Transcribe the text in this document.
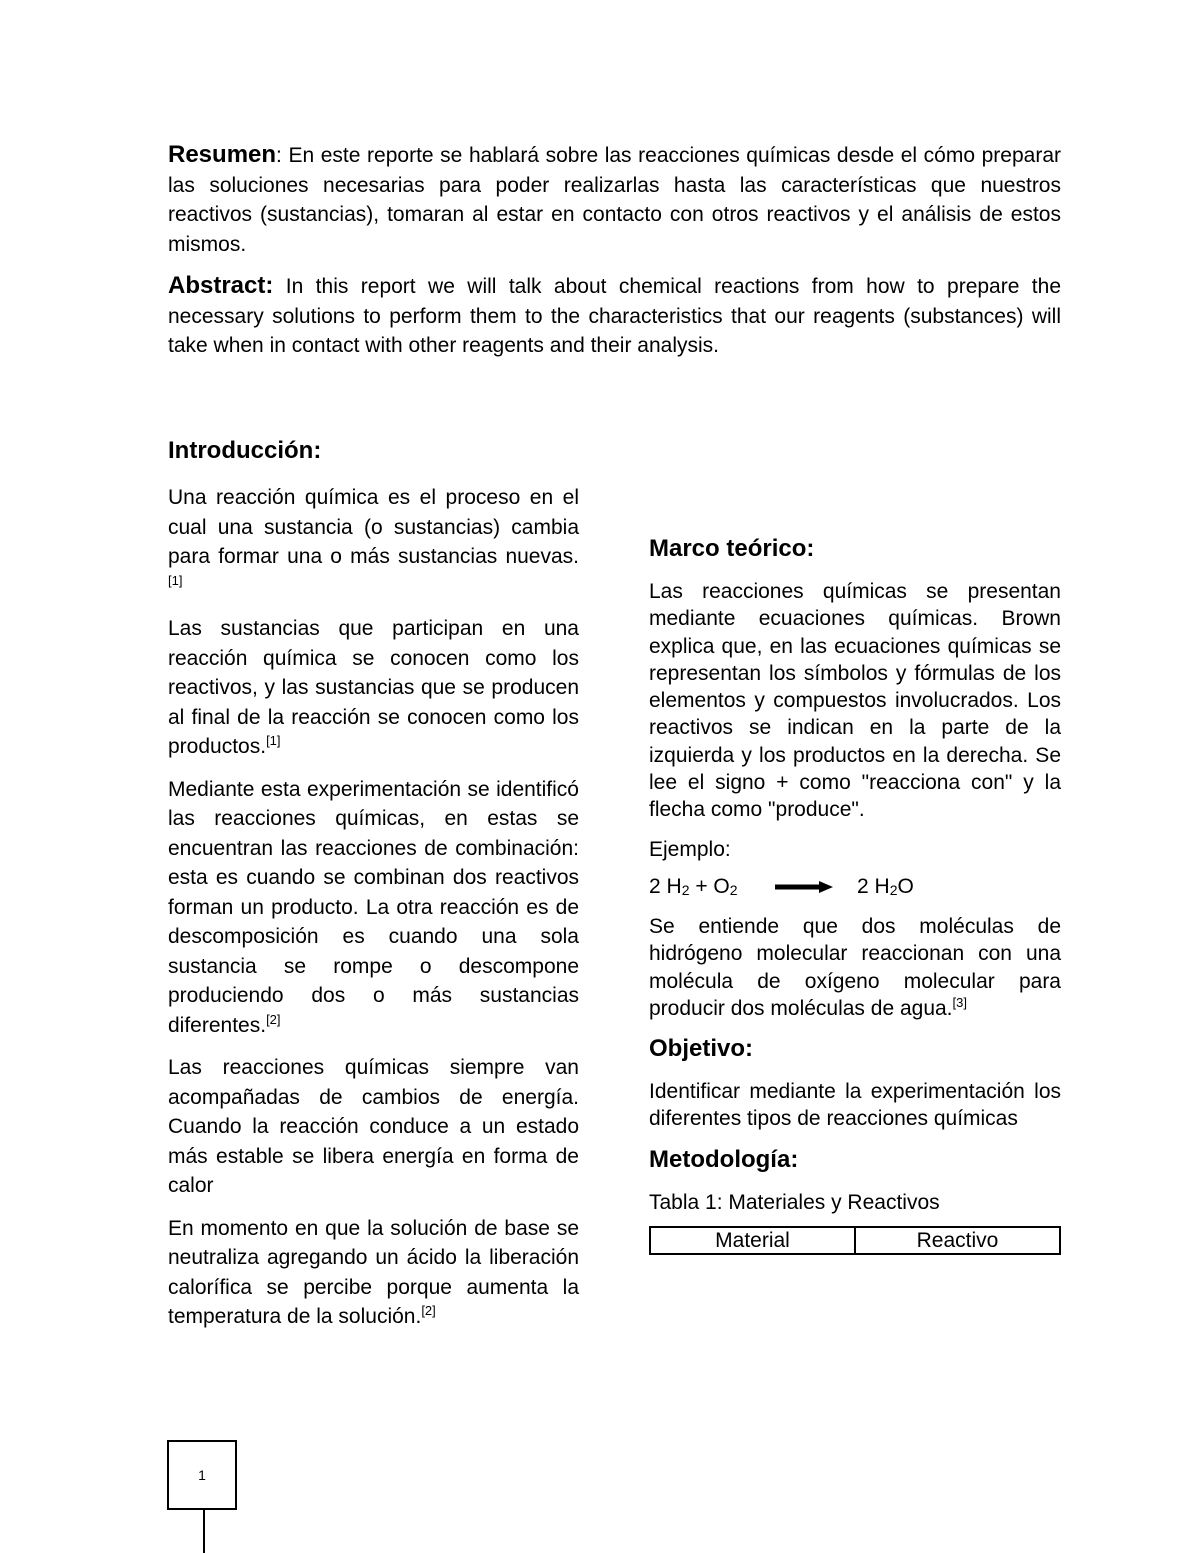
Resumen: En este reporte se hablará sobre las reacciones químicas desde el cómo preparar las soluciones necesarias para poder realizarlas hasta las características que nuestros reactivos (sustancias), tomaran al estar en contacto con otros reactivos y el análisis de estos mismos.

Abstract: In this report we will talk about chemical reactions from how to prepare the necessary solutions to perform them to the characteristics that our reagents (substances) will take when in contact with other reagents and their analysis.

Introducción:

Una reacción química es el proceso en el cual una sustancia (o sustancias) cambia para formar una o más sustancias nuevas.[1]

Las sustancias que participan en una reacción química se conocen como los reactivos, y las sustancias que se producen al final de la reacción se conocen como los productos.[1]

Mediante esta experimentación se identificó las reacciones químicas, en estas se encuentran las reacciones de combinación: esta es cuando se combinan dos reactivos forman un producto. La otra reacción es de descomposición es cuando una sola sustancia se rompe o descompone produciendo dos o más sustancias diferentes.[2]

Las reacciones químicas siempre van acompañadas de cambios de energía. Cuando la reacción conduce a un estado más estable se libera energía en forma de calor

En momento en que la solución de base se neutraliza agregando un ácido la liberación calorífica se percibe porque aumenta la temperatura de la solución.[2]

Marco teórico:

Las reacciones químicas se presentan mediante ecuaciones químicas. Brown explica que, en las ecuaciones químicas se representan los símbolos y fórmulas de los elementos y compuestos involucrados. Los reactivos se indican en la parte de la izquierda y los productos en la derecha. Se lee el signo + como "reacciona con" y la flecha como "produce".

Ejemplo:

2 $H_2 + O_2$	→ 2 $H_2O$

Se entiende que dos moléculas de hidrógeno molecular reaccionan con una molécula de oxígeno molecular para producir dos moléculas de agua.[3]

Objetivo:

Identificar mediante la experimentación los diferentes tipos de reacciones químicas

Metodología:

Tabla 1: Materiales y Reactivos

Material	Reactivo
1
